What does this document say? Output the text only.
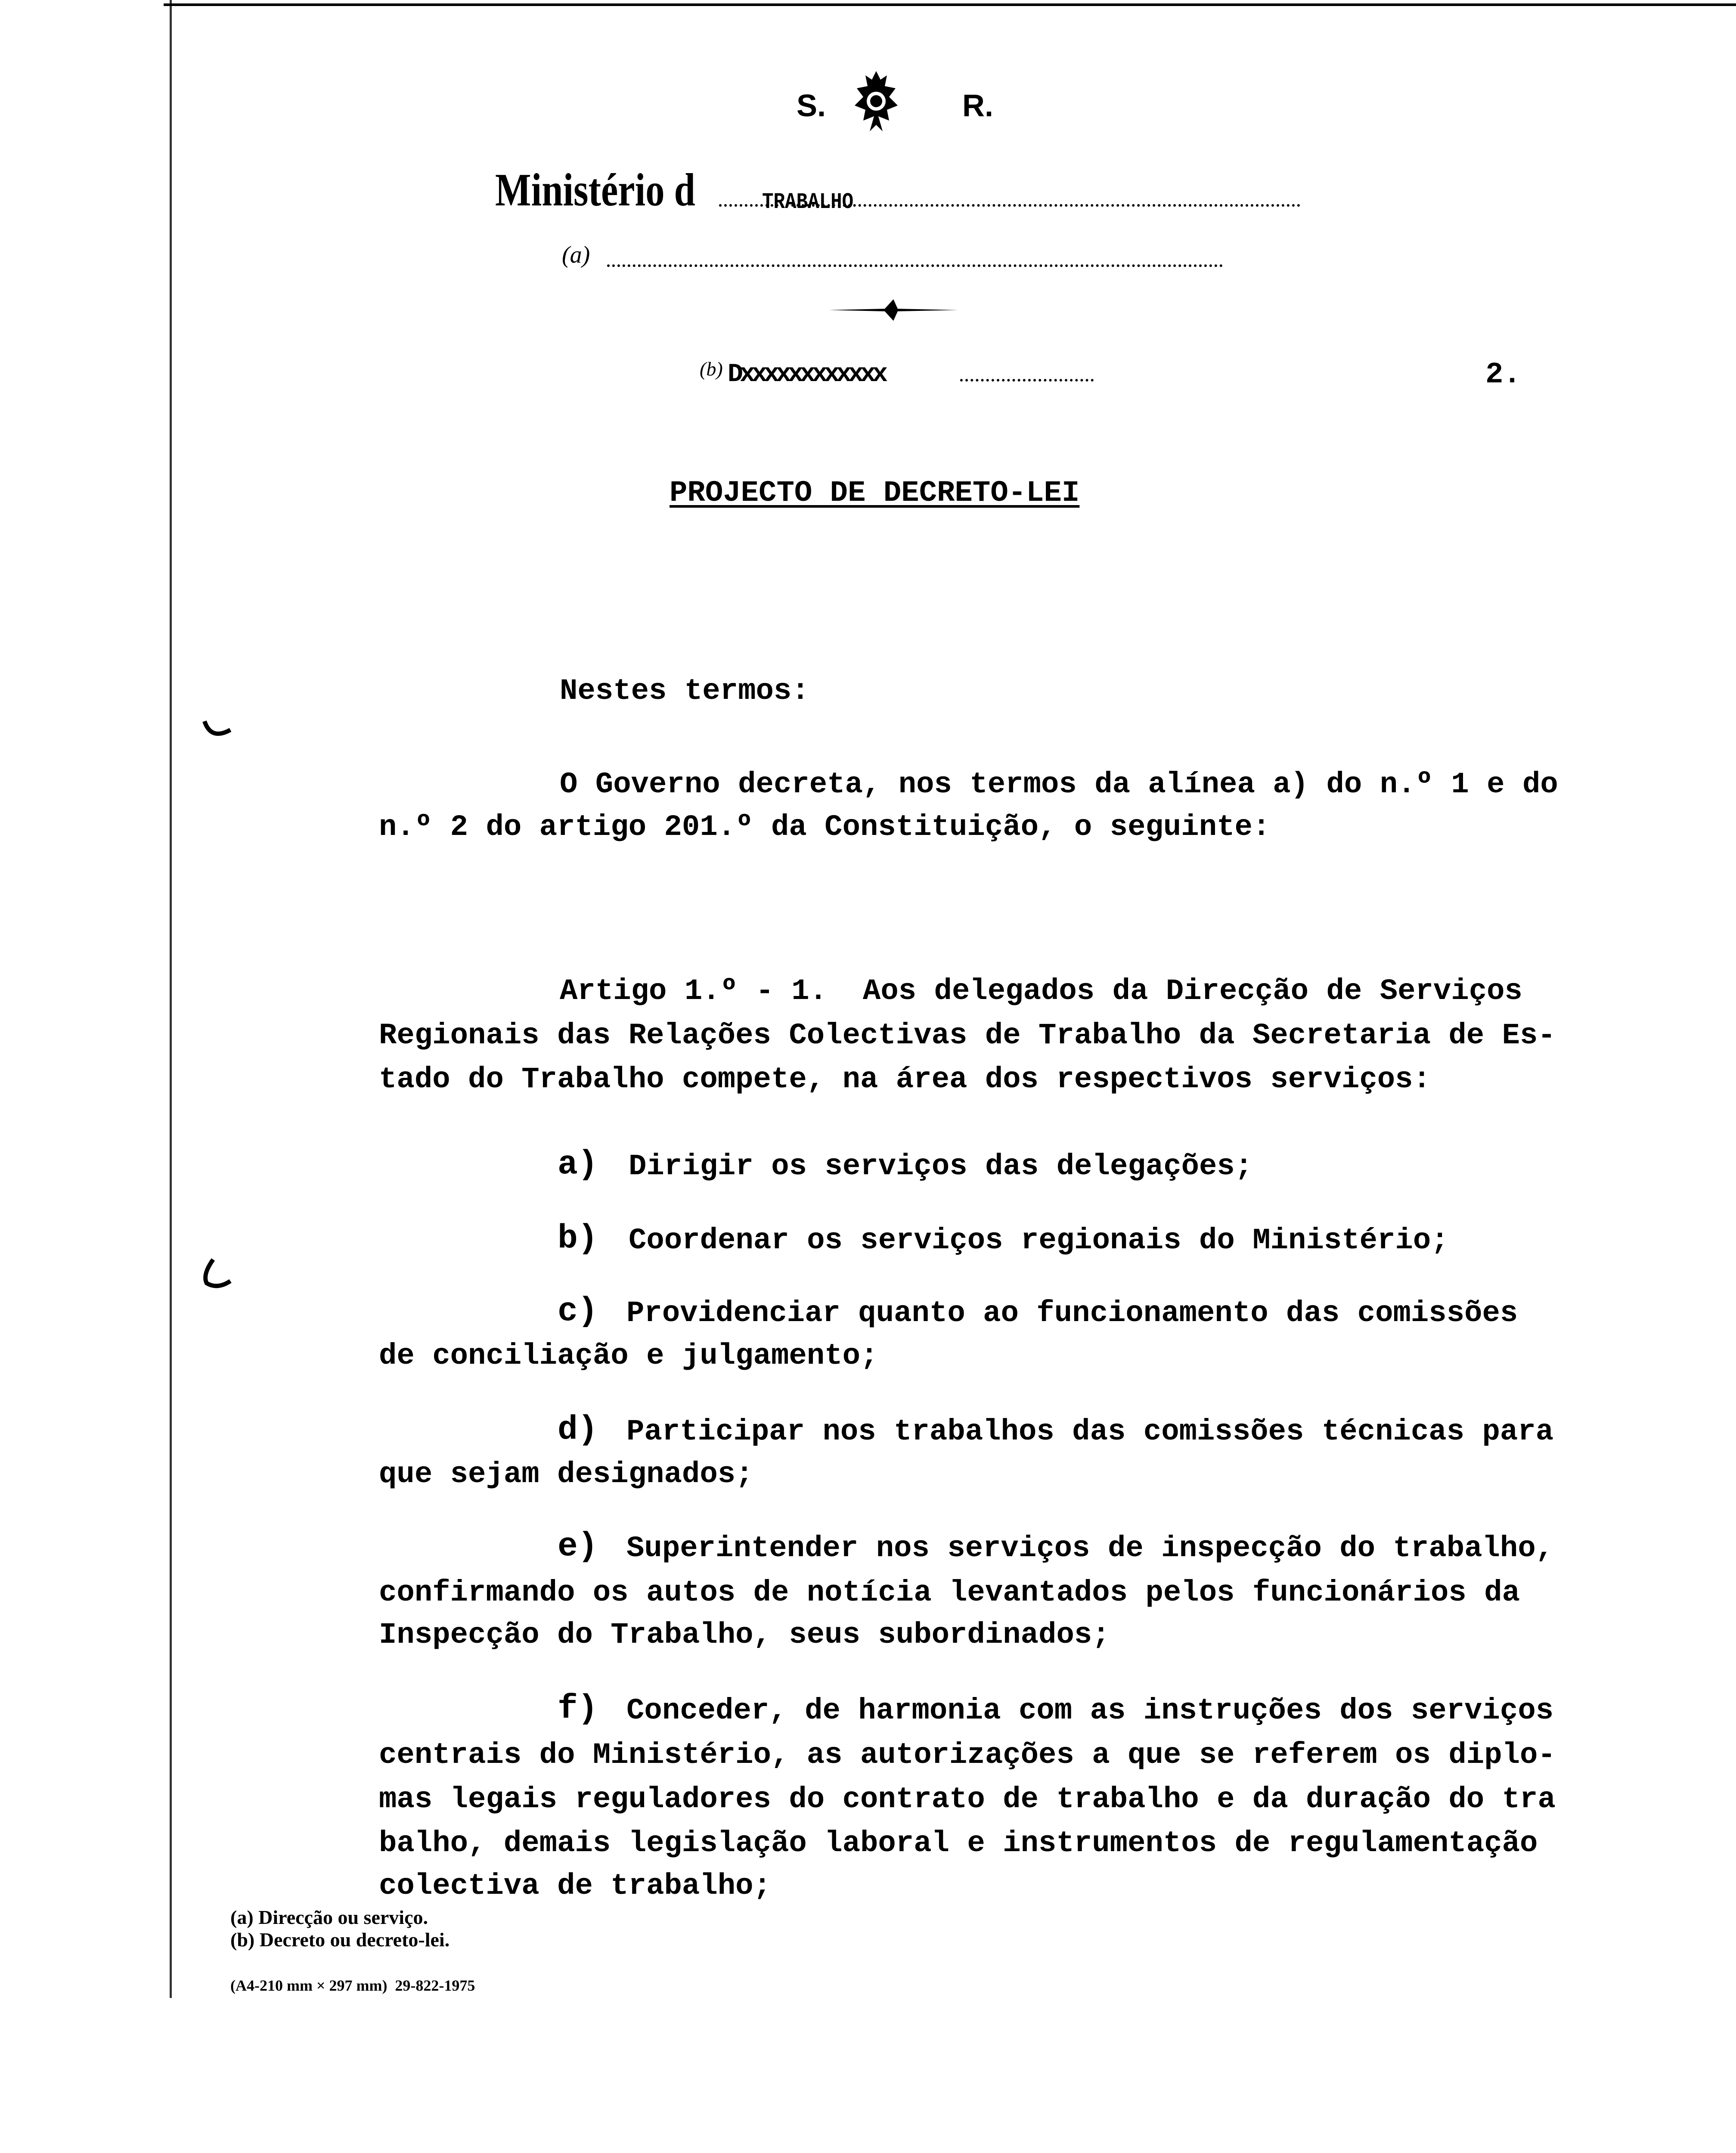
S.	R.
Ministério d

	TRABALHO

(a)
(b) Dxxxxxxxxxxxx	2.
PROJECTO DE DECRETO-LEI
Nestes termos:
O Governo decreta, nos termos da alínea a) do n.º 1 e do
n.º 2 do artigo 201.º da Constituição, o seguinte:
Artigo 1.º - 1.  Aos delegados da Direcção de Serviços
Regionais das Relações Colectivas de Trabalho da Secretaria de Es-
tado do Trabalho compete, na área dos respectivos serviços:
a) Dirigir os serviços das delegações;
b) Coordenar os serviços regionais do Ministério;
c) Providenciar quanto ao funcionamento das comissões
de conciliação e julgamento;
d) Participar nos trabalhos das comissões técnicas para
que sejam designados;
e) Superintender nos serviços de inspecção do trabalho,
confirmando os autos de notícia levantados pelos funcionários da
Inspecção do Trabalho, seus subordinados;
f) Conceder, de harmonia com as instruções dos serviços
centrais do Ministério, as autorizações a que se referem os diplo-
mas legais reguladores do contrato de trabalho e da duração do tra
balho, demais legislação laboral e instrumentos de regulamentação
colectiva de trabalho;
(a) Direcção ou serviço.
(b) Decreto ou decreto-lei.
(A4-210 mm × 297 mm)  29-822-1975
